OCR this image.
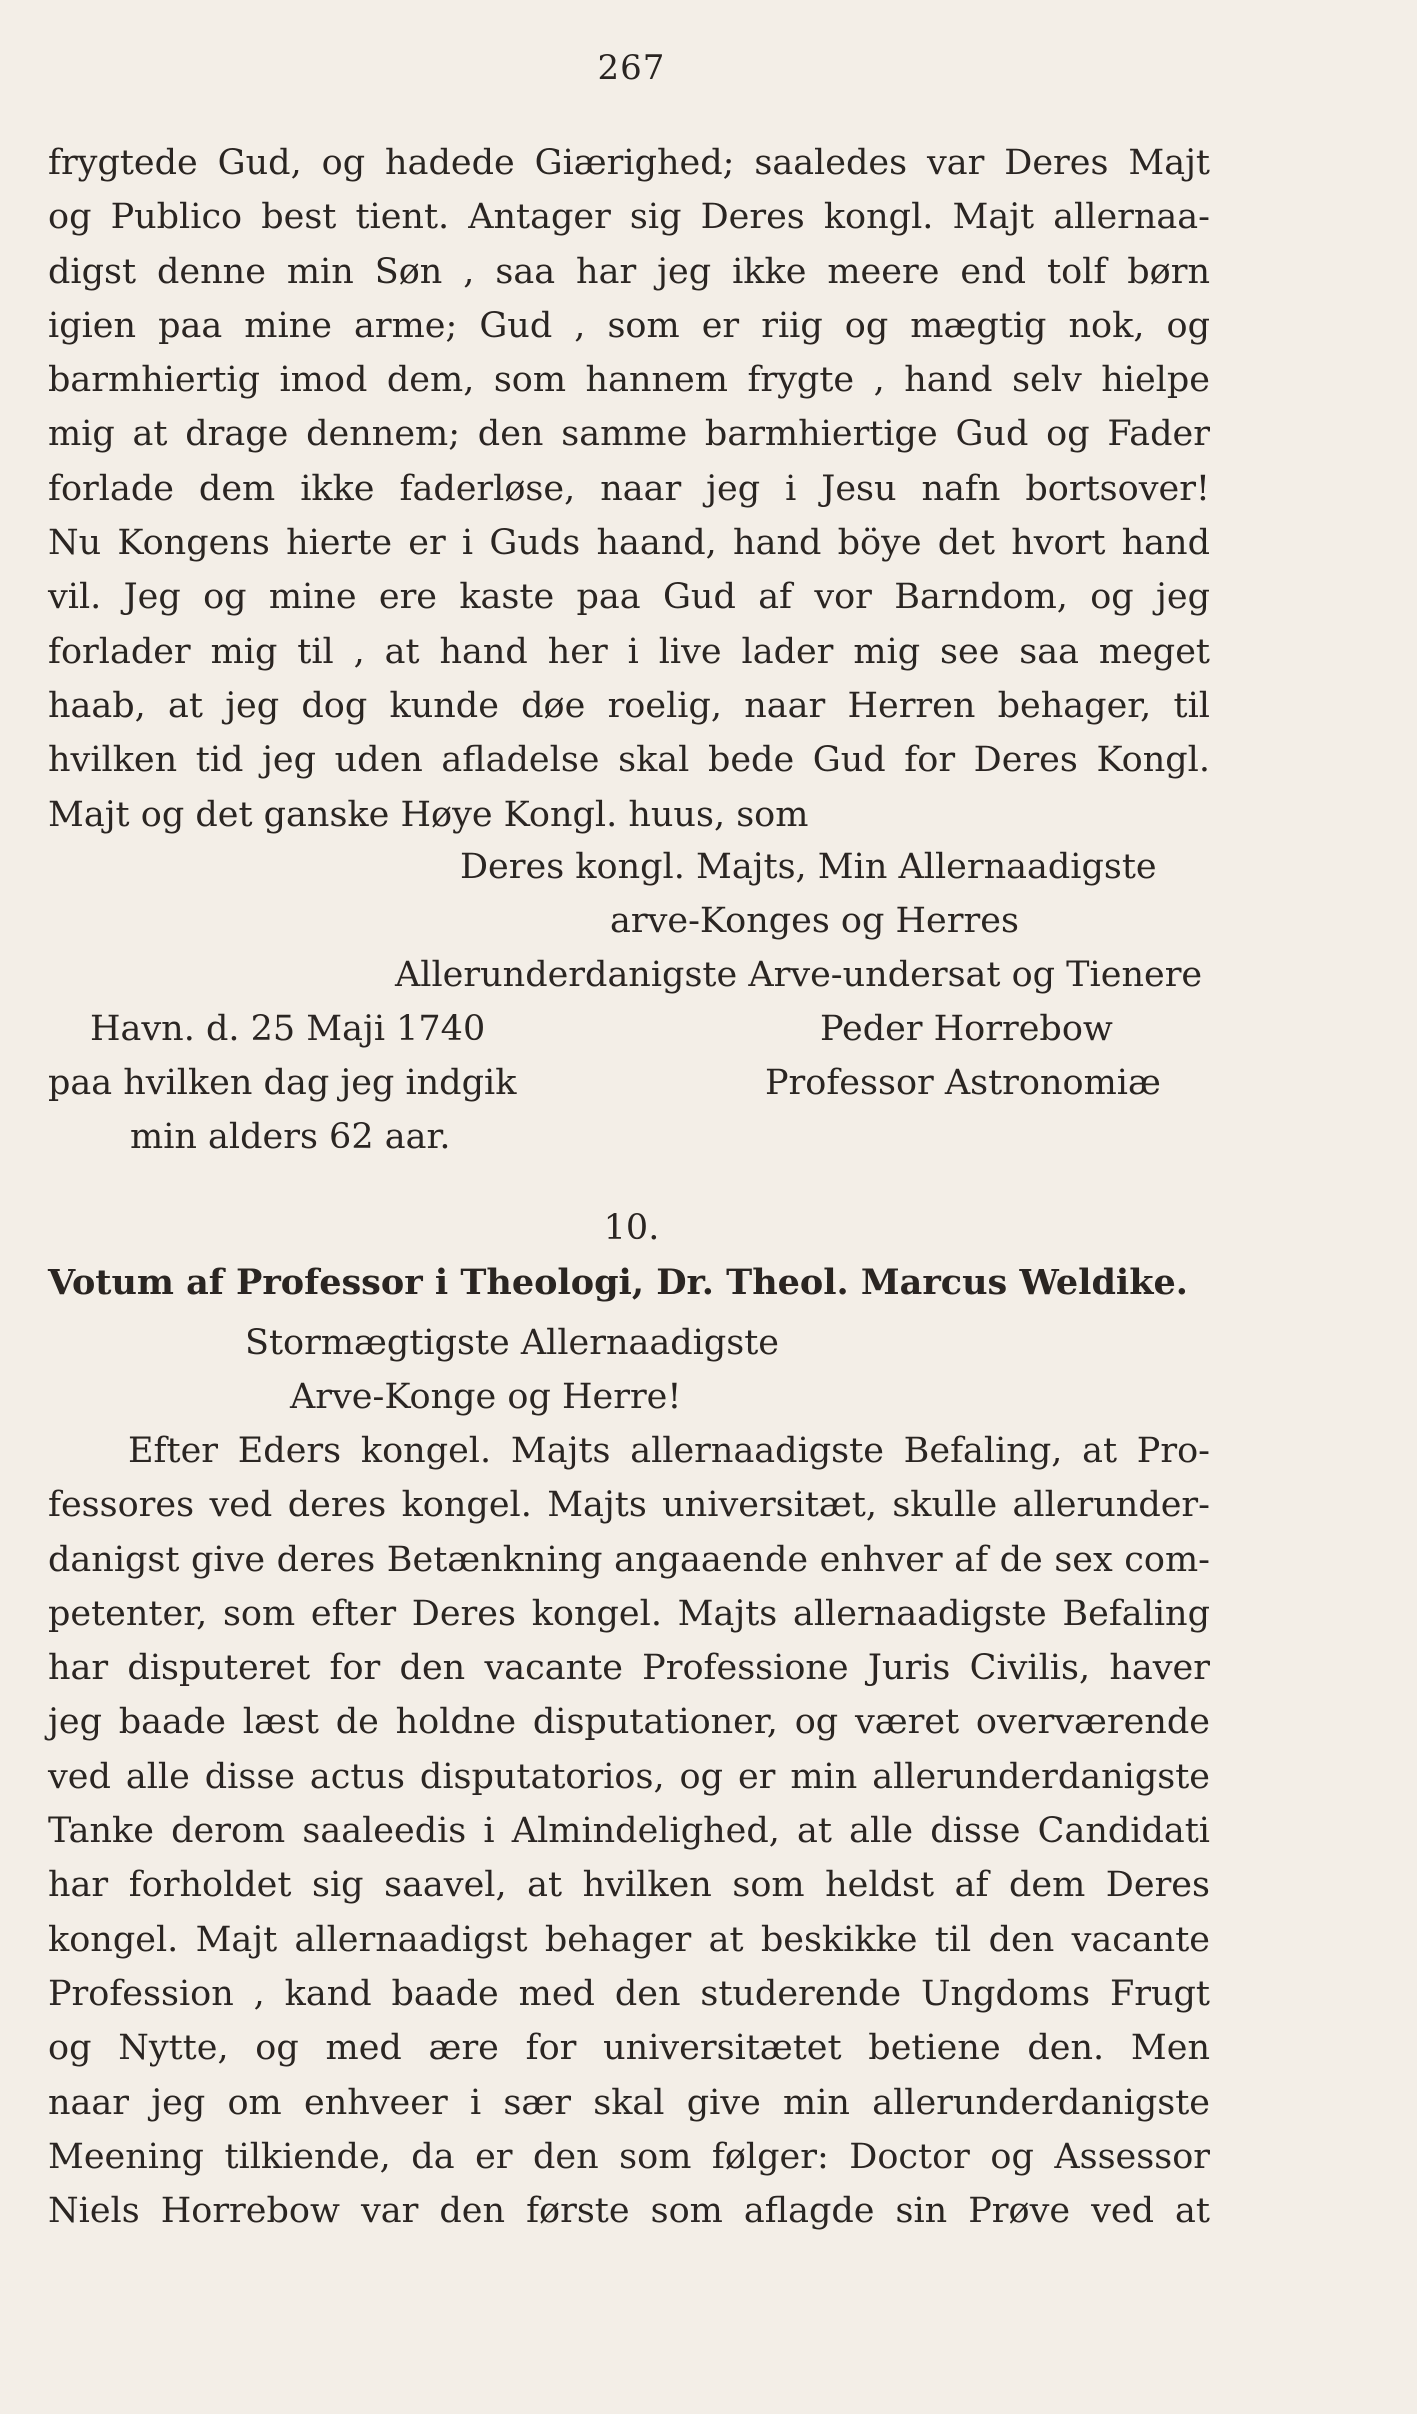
267
frygtede Gud, og hadede Giærighed; saaledes var Deres Majt
og Publico best tient. Antager sig Deres kongl. Majt allernaa-
digst denne min Søn , saa har jeg ikke meere end tolf børn
igien paa mine arme; Gud , som er riig og mægtig nok, og
barmhiertig imod dem, som hannem frygte , hand selv hielpe
mig at drage dennem; den samme barmhiertige Gud og Fader
forlade dem ikke faderløse, naar jeg i Jesu nafn bortsover!
Nu Kongens hierte er i Guds haand, hand böye det hvort hand
vil. Jeg og mine ere kaste paa Gud af vor Barndom, og jeg
forlader mig til , at hand her i live lader mig see saa meget
haab, at jeg dog kunde døe roelig, naar Herren behager, til
hvilken tid jeg uden afladelse skal bede Gud for Deres Kongl.
Majt og det ganske Høye Kongl. huus, som
Deres kongl. Majts, Min Allernaadigste
arve-Konges og Herres
Allerunderdanigste Arve-undersat og Tienere
Havn. d. 25 Maji 1740
paa hvilken dag jeg indgik
min alders 62 aar.
Peder Horrebow
Professor Astronomiæ
10.
Votum af Professor i Theologi, Dr. Theol. Marcus Weldike.
Stormægtigste Allernaadigste
Arve-Konge og Herre!
Efter Eders kongel. Majts allernaadigste Befaling, at Pro-
fessores ved deres kongel. Majts universitæt, skulle allerunder-
danigst give deres Betænkning angaaende enhver af de sex com-
petenter, som efter Deres kongel. Majts allernaadigste Befaling
har disputeret for den vacante Professione Juris Civilis, haver
jeg baade læst de holdne disputationer, og været overværende
ved alle disse actus disputatorios, og er min allerunderdanigste
Tanke derom saaleedis i Almindelighed, at alle disse Candidati
har forholdet sig saavel, at hvilken som heldst af dem Deres
kongel. Majt allernaadigst behager at beskikke til den vacante
Profession , kand baade med den studerende Ungdoms Frugt
og Nytte, og med ære for universitætet betiene den. Men
naar jeg om enhveer i sær skal give min allerunderdanigste
Meening tilkiende, da er den som følger: Doctor og Assessor
Niels Horrebow var den første som aflagde sin Prøve ved at
